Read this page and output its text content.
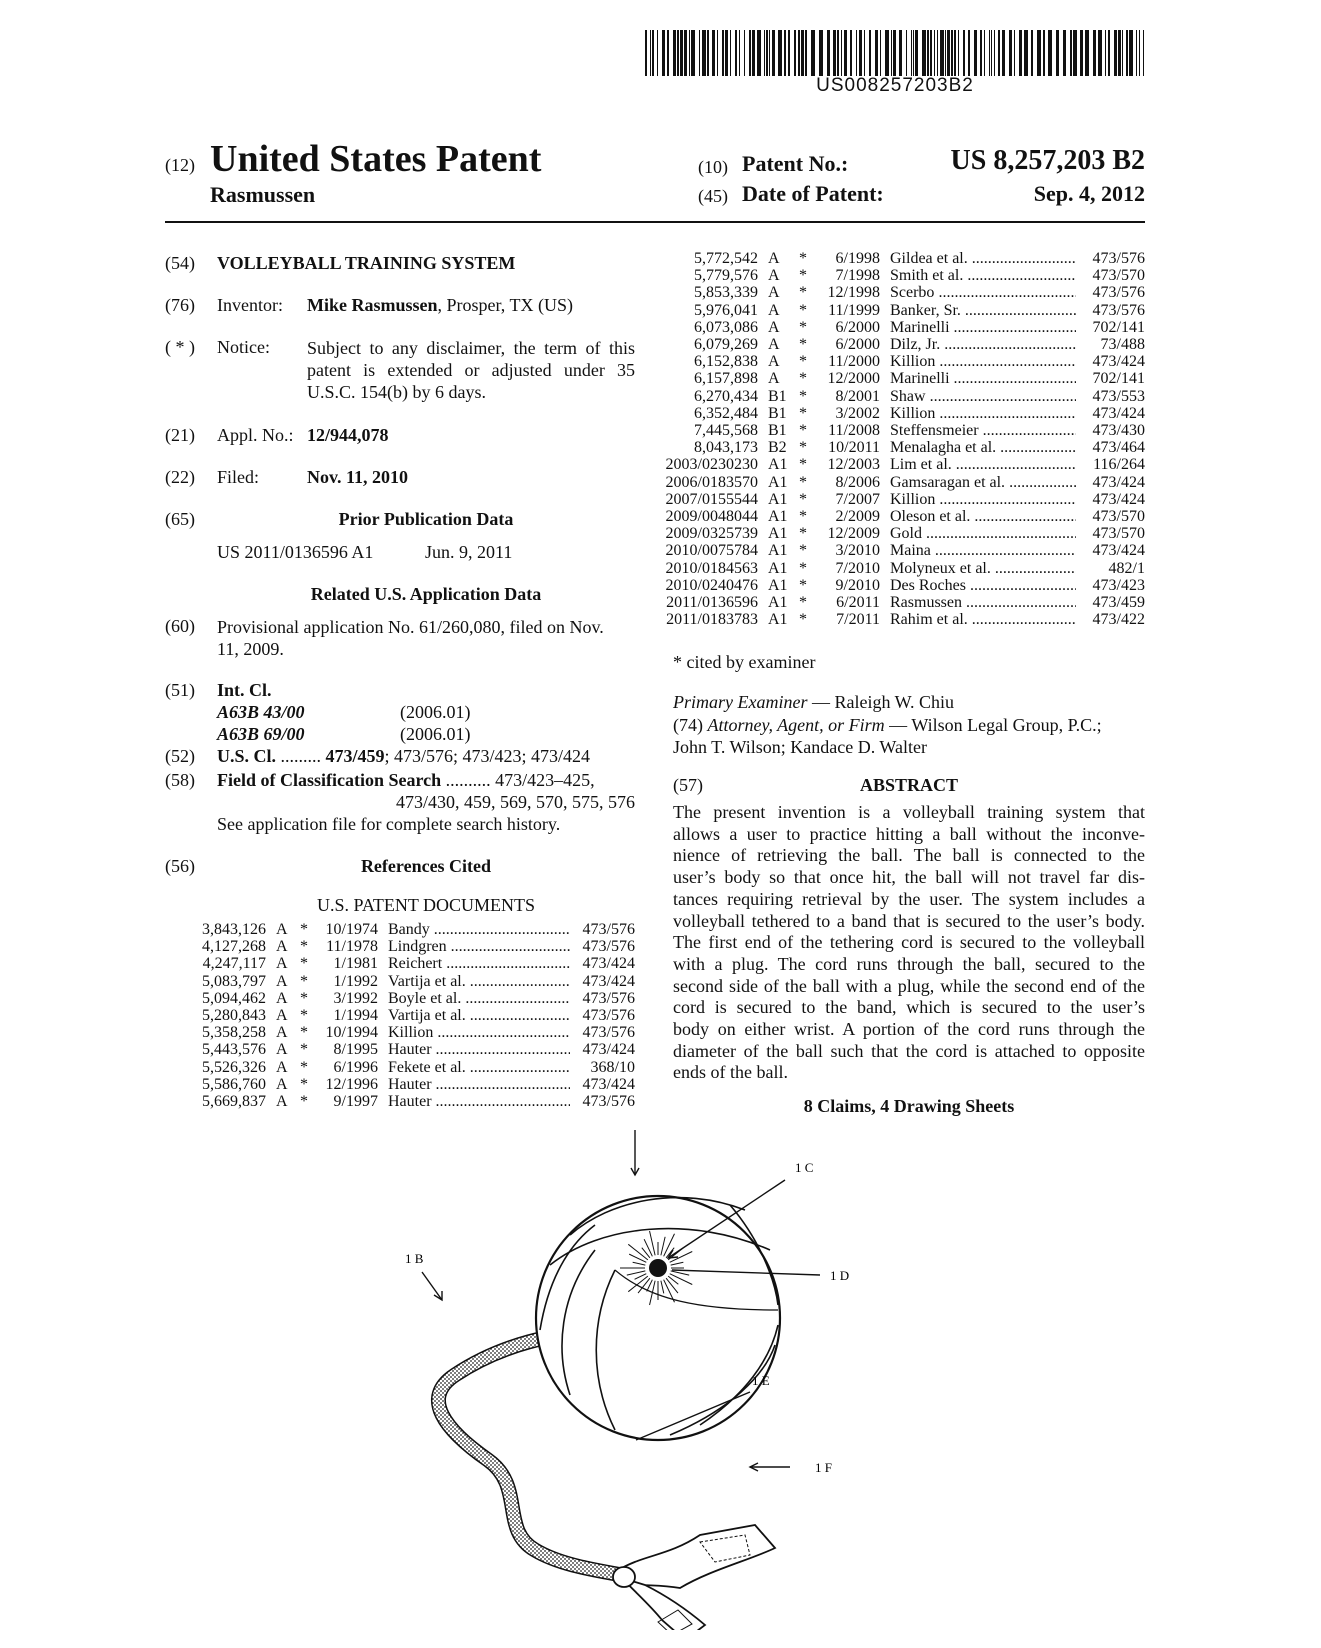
US008257203B2
(12) United States Patent
Rasmussen
(10) Patent No.:	US 8,257,203 B2
(45) Date of Patent:	Sep. 4, 2012
(54) VOLLEYBALL TRAINING SYSTEM
(76) Inventor: Mike Rasmussen, Prosper, TX (US)
( * ) Notice: Subject to any disclaimer, the term of this
patent is extended or adjusted under 35
U.S.C. 154(b) by 6 days.
(21) Appl. No.: 12/944,078
(22) Filed:	Nov. 11, 2010
(65)	Prior Publication Data
US 2011/0136596 A1	Jun. 9, 2011
Related U.S. Application Data
(60) Provisional application No. 61/260,080, filed on Nov.
11, 2009.
(51) Int. Cl.
A63B 43/00	(2006.01)
A63B 69/00	(2006.01)
(52) U.S. Cl. ......... 473/459; 473/576; 473/423; 473/424
(58) Field of Classification Search .......... 473/423–425,
473/430, 459, 569, 570, 575, 576
See application file for complete search history.
(56)	References Cited
U.S. PATENT DOCUMENTS
3,843,126 A *	10/1974 Bandy .....	473/576
4,127,268 A *	11/1978 Lindgren .....	473/576
4,247,117 A *	1/1981 Reichert .....	473/424
5,083,797 A *	1/1992 Vartija et al. .....	473/424
5,094,462 A *	3/1992 Boyle et al. .....	473/576
5,280,843 A *	1/1994 Vartija et al. .....	473/576
5,358,258 A *	10/1994 Killion .....	473/576
5,443,576 A *	8/1995 Hauter .....	473/424
5,526,326 A *	6/1996 Fekete et al. .....	368/10
5,586,760 A *	12/1996 Hauter .....	473/424
5,669,837 A *	9/1997 Hauter .....	473/576
5,772,542 A	*	6/1998 Gildea et al. .....	473/576
5,779,576 A	*	7/1998 Smith et al. .....	473/570
5,853,339 A	*	12/1998 Scerbo .....	473/576
5,976,041 A	*	11/1999 Banker, Sr. .....	473/576
6,073,086 A	*	6/2000 Marinelli .....	702/141
6,079,269 A	*	6/2000 Dilz, Jr. .....	73/488
6,152,838 A	*	11/2000 Killion .....	473/424
6,157,898 A	*	12/2000 Marinelli .....	702/141
6,270,434 B1 *	8/2001 Shaw .....	473/553
6,352,484 B1 *	3/2002 Killion .....	473/424
7,445,568 B1 *	11/2008 Steffensmeier .....	473/430
8,043,173 B2 *	10/2011 Menalagha et al. .....	473/464
2003/0230230 A1 *	12/2003 Lim et al. .....	116/264
2006/0183570 A1 *	8/2006 Gamsaragan et al. .....	473/424
2007/0155544 A1 *	7/2007 Killion .....	473/424
2009/0048044 A1 *	2/2009 Oleson et al. .....	473/570
2009/0325739 A1 *	12/2009 Gold .....	473/570
2010/0075784 A1 *	3/2010 Maina .....	473/424
2010/0184563 A1 *	7/2010 Molyneux et al. .....	482/1
2010/0240476 A1 *	9/2010 Des Roches .....	473/423
2011/0136596 A1 *	6/2011 Rasmussen .....	473/459
2011/0183783 A1 *	7/2011 Rahim et al. .....	473/422
* cited by examiner
Primary Examiner — Raleigh W. Chiu
(74) Attorney, Agent, or Firm — Wilson Legal Group, P.C.;
John T. Wilson; Kandace D. Walter
(57)	ABSTRACT
The present invention is a volleyball training system that
allows a user to practice hitting a ball without the inconve-
nience of retrieving the ball. The ball is connected to the
user’s body so that once hit, the ball will not travel far dis-
tances requiring retrieval by the user. The system includes a
volleyball tethered to a band that is secured to the user’s body.
The first end of the tethering cord is secured to the volleyball
with a plug. The cord runs through the ball, secured to the
second side of the ball with a plug, while the second end of the
cord is secured to the band, which is secured to the user’s
body on either wrist. A portion of the cord runs through the
diameter of the ball such that the cord is attached to opposite
ends of the ball.
8 Claims, 4 Drawing Sheets
1 C
1 D
1 B
1 E
1 F
